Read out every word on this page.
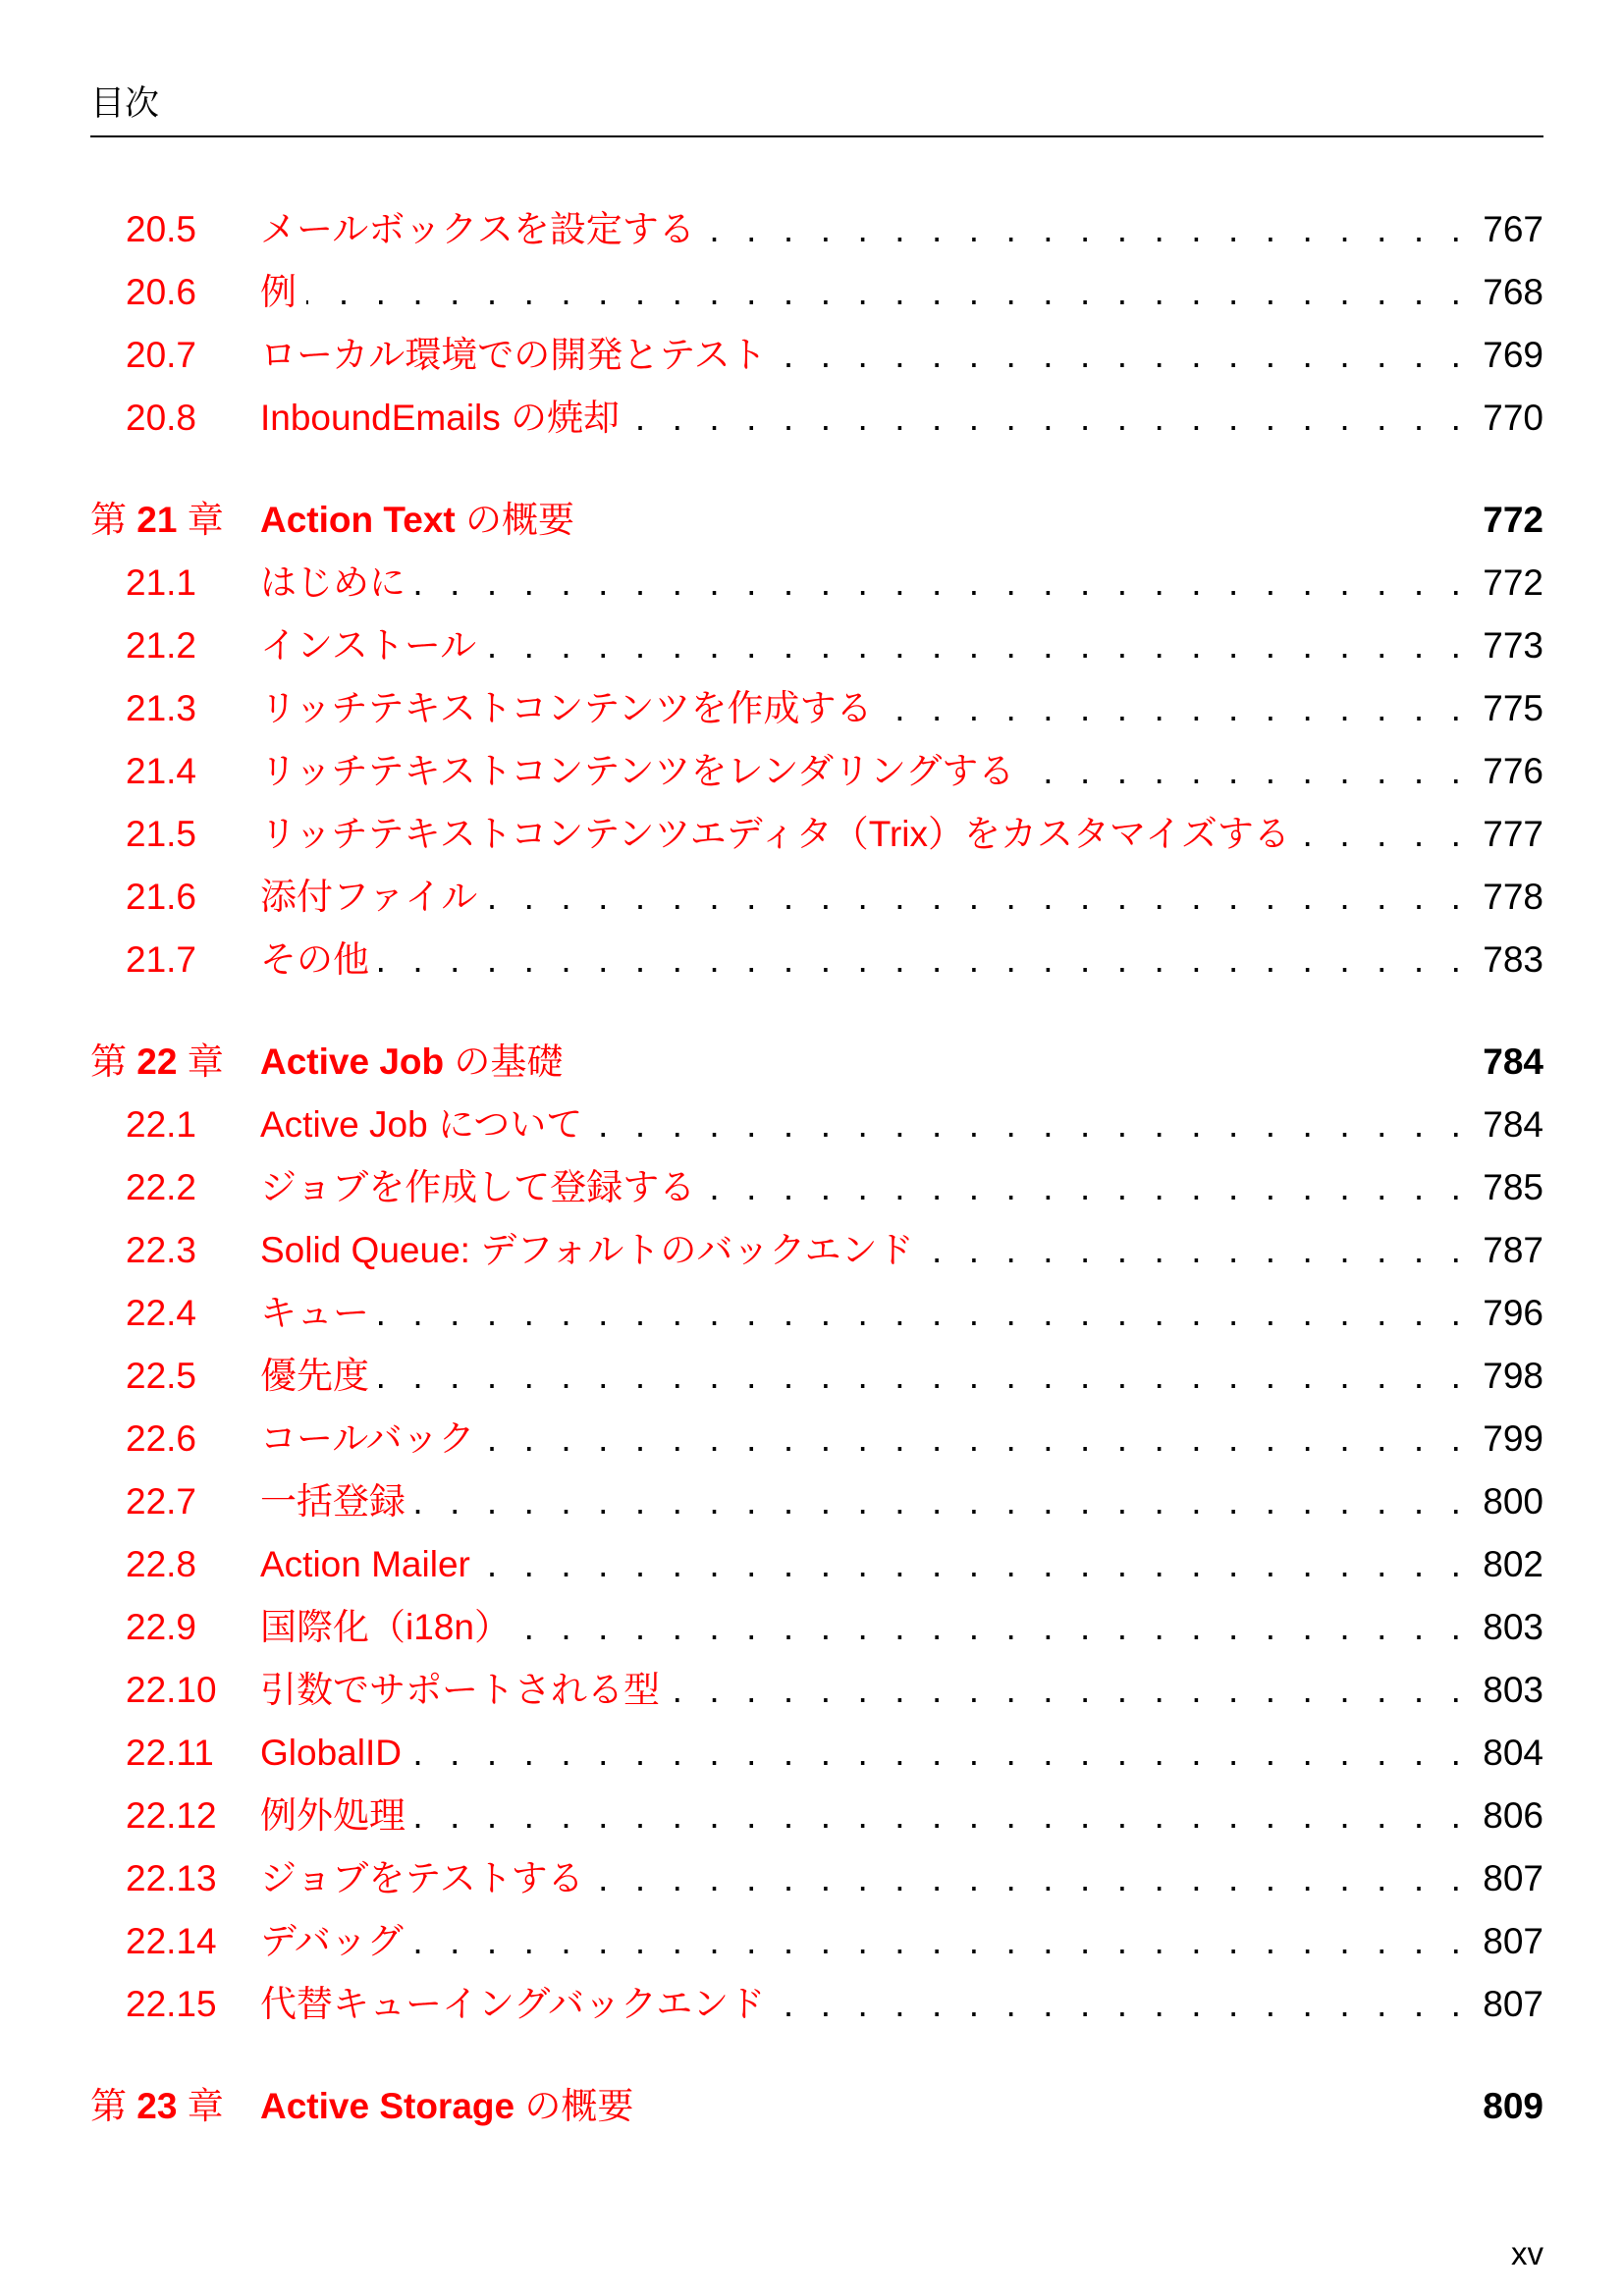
目次
20.5 メールボックスを設定する . . .	767
20.6 例 . . .	768
20.7 ローカル環境での開発とテスト . . .	769
20.8 InboundEmails の焼却 . . .	770
第 21 章 Action Text の概要	772
21.1 はじめに . . .	772
21.2 インストール . . .	773
21.3 リッチテキストコンテンツを作成する . . .	775
21.4 リッチテキストコンテンツをレンダリングする . . .	776
21.5 リッチテキストコンテンツエディタ（Trix）をカスタマイズする . . .	777
21.6 添付ファイル . . .	778
21.7 その他 . . .	783
第 22 章 Active Job の基礎	784
22.1 Active Job について . . .	784
22.2 ジョブを作成して登録する . . .	785
22.3 Solid Queue: デフォルトのバックエンド . . .	787
22.4 キュー . . .	796
22.5 優先度 . . .	798
22.6 コールバック . . .	799
22.7 一括登録 . . .	800
22.8 Action Mailer . . .	802
22.9 国際化（i18n） . . .	803
22.10 引数でサポートされる型 . . .	803
22.11 GlobalID . . .	804
22.12 例外処理 . . .	806
22.13 ジョブをテストする . . .	807
22.14 デバッグ . . .	807
22.15 代替キューイングバックエンド . . .	807
第 23 章 Active Storage の概要	809
xv
